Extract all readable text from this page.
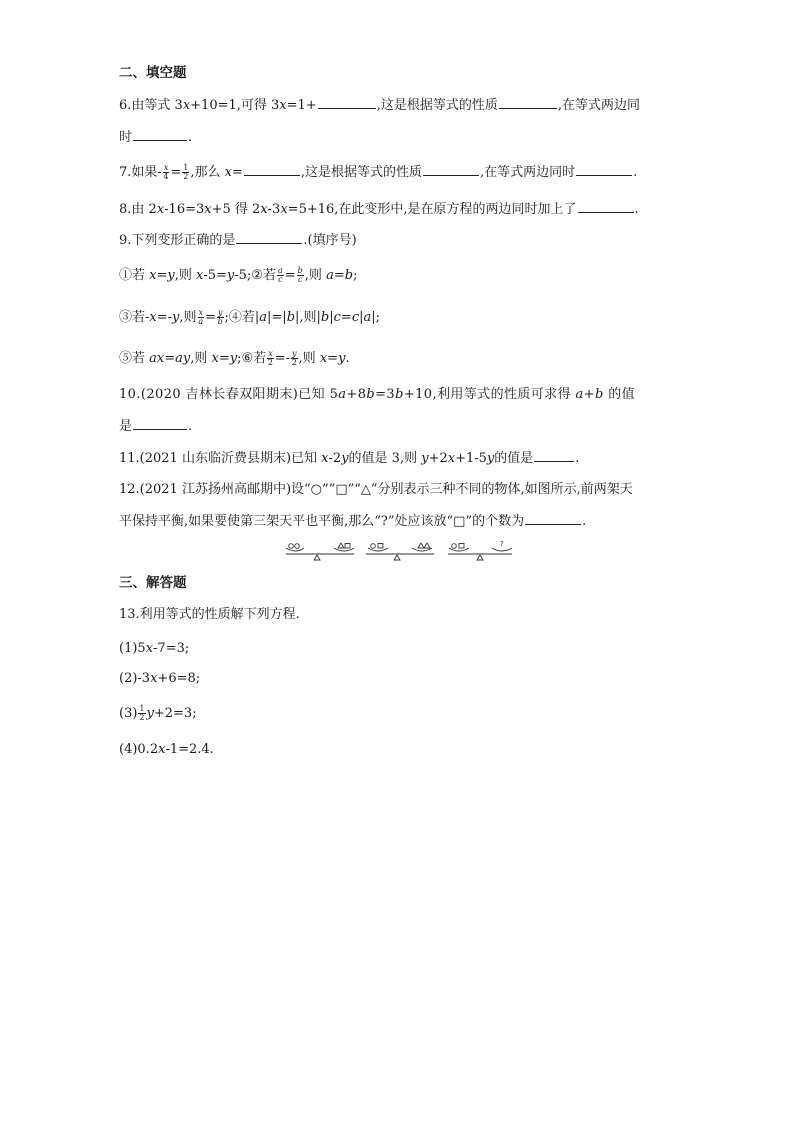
二、填空题
6.由等式 3x+10=1,可得 3x=1+	,这是根据等式的性质	,在等式两边同
时	.
7.如果- $\frac{x}{4} = \frac{1}{2}$ ,那么 x=	,这是根据等式的性质	,在等式两边同时	.
8.由 2x-16=3x+5 得 2x-3x=5+16,在此变形中,是在原方程的两边同时加上了	.
9.下列变形正确的是	.(填序号)
①若 x=y,则 x-5=y-5;②若 $\frac{a}{c}= \frac{b}{c}$,则 a=b;
③若-x=-y,则 $\frac{x}{a}=$ $\frac{y}{b};④$若|a|=|b|,则|b|c=c|a|;
⑤若 ax=ay,则 x=y;⑥若 $\frac{x}{2} =- \frac{y}{2}$ ,则 x=y.
10.(2020 吉林长春双阳期末)已知 5a+8b=3b+10,利用等式的性质可求得 a+b 的值
是	.
11.(2021 山东临沂费县期末)已知 x-2y的值是 3,则 y+2x+1-5y的值是	.
12.(2021 江苏扬州高邮期中)设“○”“□”“△”分别表示三种不同的物体,如图所示,前两架天
平保持平衡,如果要使第三架天平也平衡,那么“?”处应该放“□”的个数为	.
?
三、解答题
13.利用等式的性质解下列方程.
(1)5x-7=3;
(2)-3x+6=8;
$(3) \frac{1}{2} y+2=3$;
(4)0.2x-1=2.4.
